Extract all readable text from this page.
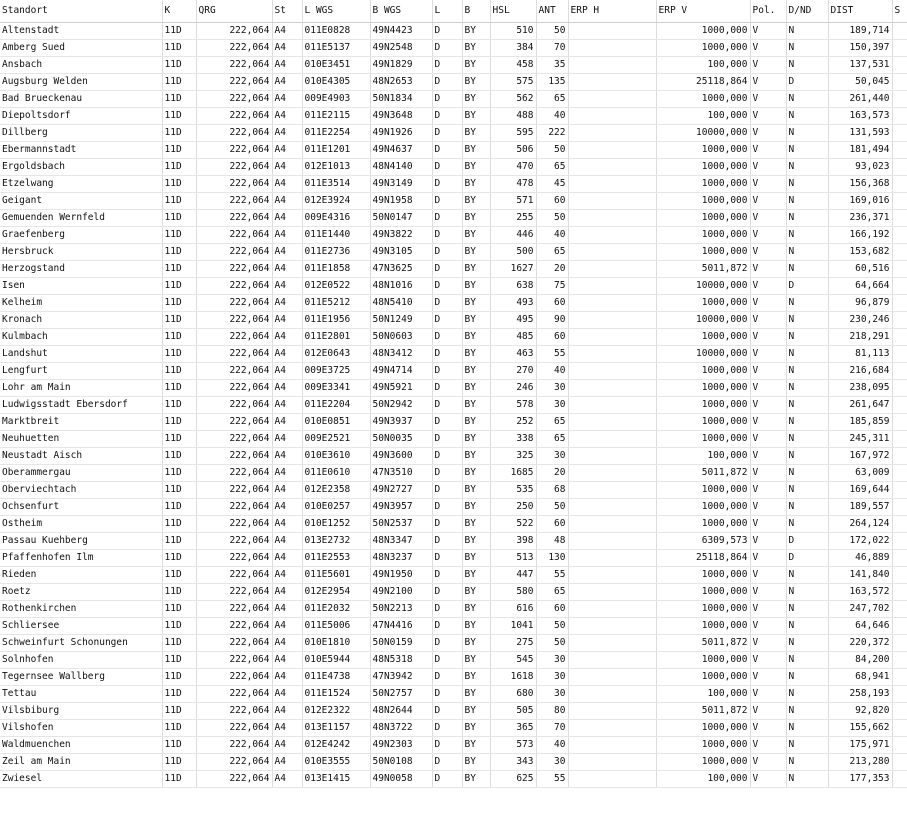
Standort	K	QRG	St	L WGS	B WGS	L	B	HSL	ANT	ERP H	ERP V	Pol.	D/ND	DIST	S
Altenstadt	11D	222,064	A4	011E0828	49N4423	D	BY	510	50		1000,000	V	N	189,714	
Amberg Sued	11D	222,064	A4	011E5137	49N2548	D	BY	384	70		1000,000	V	N	150,397	
Ansbach	11D	222,064	A4	010E3451	49N1829	D	BY	458	35		100,000	V	N	137,531	
Augsburg Welden	11D	222,064	A4	010E4305	48N2653	D	BY	575	135		25118,864	V	D	50,045	
Bad Brueckenau	11D	222,064	A4	009E4903	50N1834	D	BY	562	65		1000,000	V	N	261,440	
Diepoltsdorf	11D	222,064	A4	011E2115	49N3648	D	BY	488	40		100,000	V	N	163,573	
Dillberg	11D	222,064	A4	011E2254	49N1926	D	BY	595	222		10000,000	V	N	131,593	
Ebermannstadt	11D	222,064	A4	011E1201	49N4637	D	BY	506	50		1000,000	V	N	181,494	
Ergoldsbach	11D	222,064	A4	012E1013	48N4140	D	BY	470	65		1000,000	V	N	93,023	
Etzelwang	11D	222,064	A4	011E3514	49N3149	D	BY	478	45		1000,000	V	N	156,368	
Geigant	11D	222,064	A4	012E3924	49N1958	D	BY	571	60		1000,000	V	N	169,016	
Gemuenden Wernfeld	11D	222,064	A4	009E4316	50N0147	D	BY	255	50		1000,000	V	N	236,371	
Graefenberg	11D	222,064	A4	011E1440	49N3822	D	BY	446	40		1000,000	V	N	166,192	
Hersbruck	11D	222,064	A4	011E2736	49N3105	D	BY	500	65		1000,000	V	N	153,682	
Herzogstand	11D	222,064	A4	011E1858	47N3625	D	BY	1627	20		5011,872	V	N	60,516	
Isen	11D	222,064	A4	012E0522	48N1016	D	BY	638	75		10000,000	V	D	64,664	
Kelheim	11D	222,064	A4	011E5212	48N5410	D	BY	493	60		1000,000	V	N	96,879	
Kronach	11D	222,064	A4	011E1956	50N1249	D	BY	495	90		10000,000	V	N	230,246	
Kulmbach	11D	222,064	A4	011E2801	50N0603	D	BY	485	60		1000,000	V	N	218,291	
Landshut	11D	222,064	A4	012E0643	48N3412	D	BY	463	55		10000,000	V	N	81,113	
Lengfurt	11D	222,064	A4	009E3725	49N4714	D	BY	270	40		1000,000	V	N	216,684	
Lohr am Main	11D	222,064	A4	009E3341	49N5921	D	BY	246	30		1000,000	V	N	238,095	
Ludwigsstadt Ebersdorf	11D	222,064	A4	011E2204	50N2942	D	BY	578	30		1000,000	V	N	261,647	
Marktbreit	11D	222,064	A4	010E0851	49N3937	D	BY	252	65		1000,000	V	N	185,859	
Neuhuetten	11D	222,064	A4	009E2521	50N0035	D	BY	338	65		1000,000	V	N	245,311	
Neustadt Aisch	11D	222,064	A4	010E3610	49N3600	D	BY	325	30		100,000	V	N	167,972	
Oberammergau	11D	222,064	A4	011E0610	47N3510	D	BY	1685	20		5011,872	V	N	63,009	
Oberviechtach	11D	222,064	A4	012E2358	49N2727	D	BY	535	68		1000,000	V	N	169,644	
Ochsenfurt	11D	222,064	A4	010E0257	49N3957	D	BY	250	50		1000,000	V	N	189,557	
Ostheim	11D	222,064	A4	010E1252	50N2537	D	BY	522	60		1000,000	V	N	264,124	
Passau Kuehberg	11D	222,064	A4	013E2732	48N3347	D	BY	398	48		6309,573	V	D	172,022	
Pfaffenhofen Ilm	11D	222,064	A4	011E2553	48N3237	D	BY	513	130		25118,864	V	D	46,889	
Rieden	11D	222,064	A4	011E5601	49N1950	D	BY	447	55		1000,000	V	N	141,840	
Roetz	11D	222,064	A4	012E2954	49N2100	D	BY	580	65		1000,000	V	N	163,572	
Rothenkirchen	11D	222,064	A4	011E2032	50N2213	D	BY	616	60		1000,000	V	N	247,702	
Schliersee	11D	222,064	A4	011E5006	47N4416	D	BY	1041	50		1000,000	V	N	64,646	
Schweinfurt Schonungen	11D	222,064	A4	010E1810	50N0159	D	BY	275	50		5011,872	V	N	220,372	
Solnhofen	11D	222,064	A4	010E5944	48N5318	D	BY	545	30		1000,000	V	N	84,200	
Tegernsee Wallberg	11D	222,064	A4	011E4738	47N3942	D	BY	1618	30		1000,000	V	N	68,941	
Tettau	11D	222,064	A4	011E1524	50N2757	D	BY	680	30		100,000	V	N	258,193	
Vilsbiburg	11D	222,064	A4	012E2322	48N2644	D	BY	505	80		5011,872	V	N	92,820	
Vilshofen	11D	222,064	A4	013E1157	48N3722	D	BY	365	70		1000,000	V	N	155,662	
Waldmuenchen	11D	222,064	A4	012E4242	49N2303	D	BY	573	40		1000,000	V	N	175,971	
Zeil am Main	11D	222,064	A4	010E3555	50N0108	D	BY	343	30		1000,000	V	N	213,280	
Zwiesel	11D	222,064	A4	013E1415	49N0058	D	BY	625	55		100,000	V	N	177,353	
